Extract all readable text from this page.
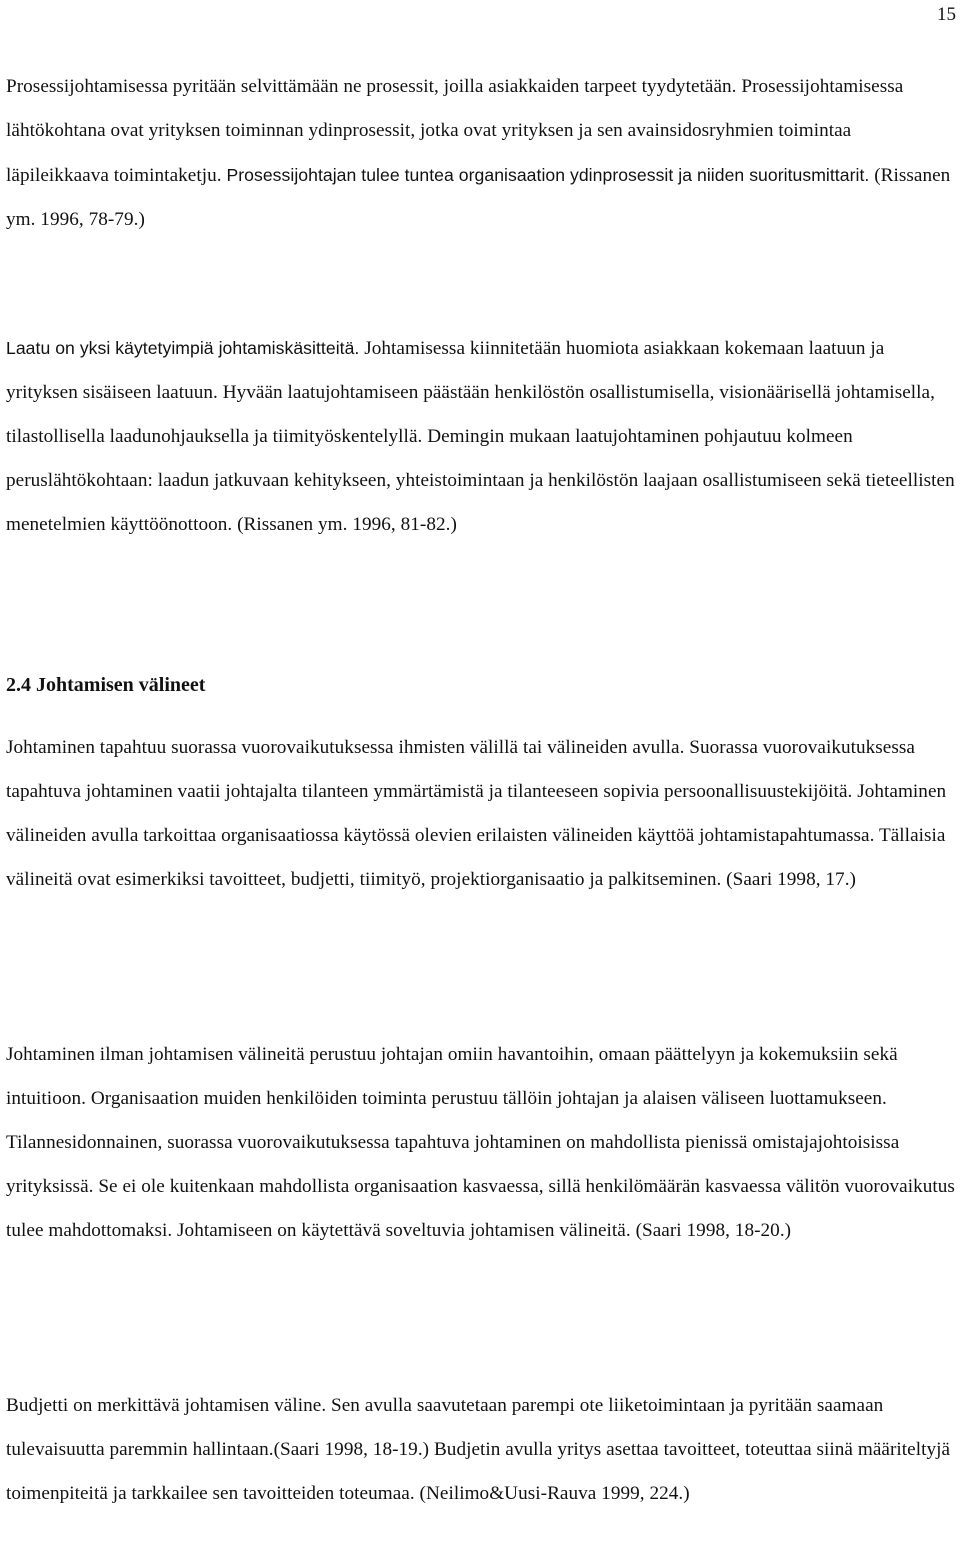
15

Prosessijohtamisessa pyritään selvittämään ne prosessit, joilla asiakkaiden tarpeet tyydytetään. Prosessijohtamisessa lähtökohtana ovat yrityksen toiminnan ydinprosessit, jotka ovat yrityksen ja sen avainsidosryhmien toimintaa läpileikkaava toimintaketju. Prosessijohtajan tulee tuntea organisaation ydinprosessit ja niiden suoritusmittarit. (Rissanen ym. 1996, 78-79.)

Laatu on yksi käytetyimpiä johtamiskäsitteitä. Johtamisessa kiinnitetään huomiota asiakkaan kokemaan laatuun ja yrityksen sisäiseen laatuun. Hyvään laatujohtamiseen päästään henkilöstön osallistumisella, visionäärisellä johtamisella, tilastollisella laadunohjauksella ja tiimityöskentelyllä. Demingin mukaan laatujohtaminen pohjautuu kolmeen peruslähtökohtaan: laadun jatkuvaan kehitykseen, yhteistoimintaan ja henkilöstön laajaan osallistumiseen sekä tieteellisten menetelmien käyttöönottoon. (Rissanen ym. 1996, 81-82.)

2.4 Johtamisen välineet

Johtaminen tapahtuu suorassa vuorovaikutuksessa ihmisten välillä tai välineiden avulla. Suorassa vuorovaikutuksessa tapahtuva johtaminen vaatii johtajalta tilanteen ymmärtämistä ja tilanteeseen sopivia persoonallisuustekijöitä. Johtaminen välineiden avulla tarkoittaa organisaatiossa käytössä olevien erilaisten välineiden käyttöä johtamistapahtumassa. Tällaisia välineitä ovat esimerkiksi tavoitteet, budjetti, tiimityö, projektiorganisaatio ja palkitseminen. (Saari 1998, 17.)

Johtaminen ilman johtamisen välineitä perustuu johtajan omiin havantoihin, omaan päättelyyn ja kokemuksiin sekä intuitioon. Organisaation muiden henkilöiden toiminta perustuu tällöin johtajan ja alaisen väliseen luottamukseen. Tilannesidonnainen, suorassa vuorovaikutuksessa tapahtuva johtaminen on mahdollista pienissä omistajajohtoisissa yrityksissä. Se ei ole kuitenkaan mahdollista organisaation kasvaessa, sillä henkilömäärän kasvaessa välitön vuorovaikutus tulee mahdottomaksi. Johtamiseen on käytettävä soveltuvia johtamisen välineitä. (Saari 1998, 18-20.)

Budjetti on merkittävä johtamisen väline. Sen avulla saavutetaan parempi ote liiketoimintaan ja pyritään saamaan tulevaisuutta paremmin hallintaan.(Saari 1998, 18-19.) Budjetin avulla yritys asettaa tavoitteet, toteuttaa siinä määriteltyjä toimenpiteitä ja tarkkailee sen tavoitteiden toteumaa. (Neilimo&Uusi-Rauva 1999, 224.)
